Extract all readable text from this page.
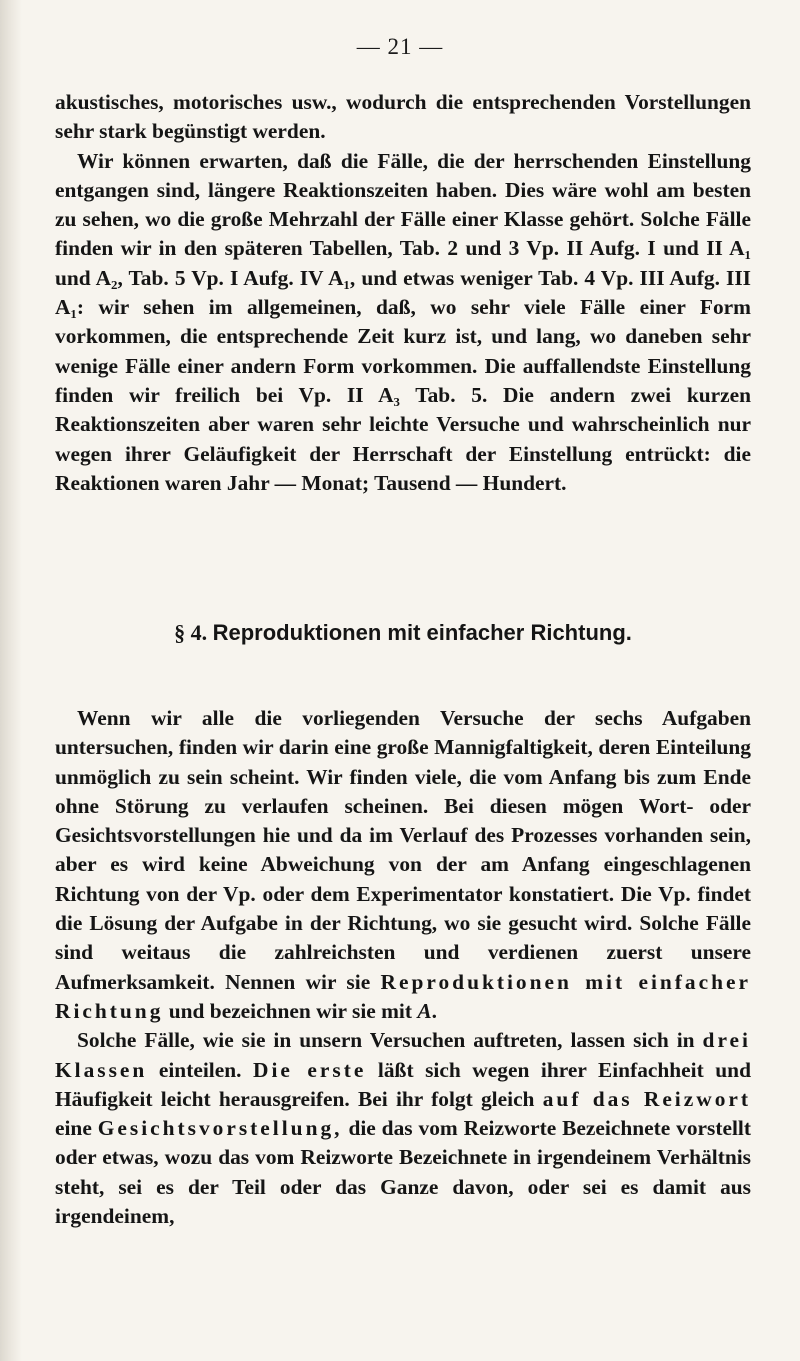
— 21 —

akustisches, motorisches usw., wodurch die entsprechenden Vorstellungen sehr stark begünstigt werden.

Wir können erwarten, daß die Fälle, die der herrschenden Einstellung entgangen sind, längere Reaktionszeiten haben. Dies wäre wohl am besten zu sehen, wo die große Mehrzahl der Fälle einer Klasse gehört. Solche Fälle finden wir in den späteren Tabellen, Tab. 2 und 3 Vp. II Aufg. I und II A₁ und A₂, Tab. 5 Vp. I Aufg. IV A₁, und etwas weniger Tab. 4 Vp. III Aufg. III A₁: wir sehen im allgemeinen, daß, wo sehr viele Fälle einer Form vorkommen, die entsprechende Zeit kurz ist, und lang, wo daneben sehr wenige Fälle einer andern Form vorkommen. Die auffallendste Einstellung finden wir freilich bei Vp. II A₃ Tab. 5. Die andern zwei kurzen Reaktionszeiten aber waren sehr leichte Versuche und wahrscheinlich nur wegen ihrer Geläufigkeit der Herrschaft der Einstellung entrückt: die Reaktionen waren Jahr — Monat; Tausend — Hundert.

§ 4. Reproduktionen mit einfacher Richtung.

Wenn wir alle die vorliegenden Versuche der sechs Aufgaben untersuchen, finden wir darin eine große Mannigfaltigkeit, deren Einteilung unmöglich zu sein scheint. Wir finden viele, die vom Anfang bis zum Ende ohne Störung zu verlaufen scheinen. Bei diesen mögen Wort- oder Gesichtsvorstellungen hie und da im Verlauf des Prozesses vorhanden sein, aber es wird keine Abweichung von der am Anfang eingeschlagenen Richtung von der Vp. oder dem Experimentator konstatiert. Die Vp. findet die Lösung der Aufgabe in der Richtung, wo sie gesucht wird. Solche Fälle sind weitaus die zahlreichsten und verdienen zuerst unsere Aufmerksamkeit. Nennen wir sie Reproduktionen mit einfacher Richtung und bezeichnen wir sie mit A.

Solche Fälle, wie sie in unsern Versuchen auftreten, lassen sich in drei Klassen einteilen. Die erste läßt sich wegen ihrer Einfachheit und Häufigkeit leicht herausgreifen. Bei ihr folgt gleich auf das Reizwort eine Gesichtsvorstellung, die das vom Reizworte Bezeichnete vorstellt oder etwas, wozu das vom Reizworte Bezeichnete in irgendeinem Verhältnis steht, sei es der Teil oder das Ganze davon, oder sei es damit aus irgendeinem,
